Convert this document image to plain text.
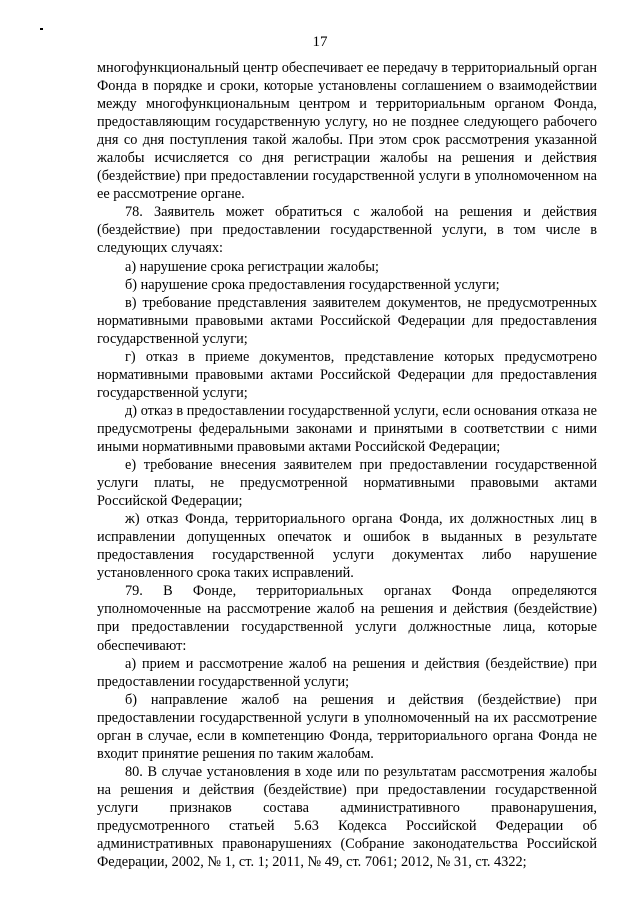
17

многофункциональный центр обеспечивает ее передачу в территориальный орган Фонда в порядке и сроки, которые установлены соглашением о взаимодействии между многофункциональным центром и территориальным органом Фонда, предоставляющим государственную услугу, но не позднее следующего рабочего дня со дня поступления такой жалобы. При этом срок рассмотрения указанной жалобы исчисляется со дня регистрации жалобы на решения и действия (бездействие) при предоставлении государственной услуги в уполномоченном на ее рассмотрение органе.

78. Заявитель может обратиться с жалобой на решения и действия (бездействие) при предоставлении государственной услуги, в том числе в следующих случаях:

а) нарушение срока регистрации жалобы;

б) нарушение срока предоставления государственной услуги;

в) требование представления заявителем документов, не предусмотренных нормативными правовыми актами Российской Федерации для предоставления государственной услуги;

г) отказ в приеме документов, представление которых предусмотрено нормативными правовыми актами Российской Федерации для предоставления государственной услуги;

д) отказ в предоставлении государственной услуги, если основания отказа не предусмотрены федеральными законами и принятыми в соответствии с ними иными нормативными правовыми актами Российской Федерации;

е) требование внесения заявителем при предоставлении государственной услуги платы, не предусмотренной нормативными правовыми актами Российской Федерации;

ж) отказ Фонда, территориального органа Фонда, их должностных лиц в исправлении допущенных опечаток и ошибок в выданных в результате предоставления государственной услуги документах либо нарушение установленного срока таких исправлений.

79. В Фонде, территориальных органах Фонда определяются уполномоченные на рассмотрение жалоб на решения и действия (бездействие) при предоставлении государственной услуги должностные лица, которые обеспечивают:

а) прием и рассмотрение жалоб на решения и действия (бездействие) при предоставлении государственной услуги;

б) направление жалоб на решения и действия (бездействие) при предоставлении государственной услуги в уполномоченный на их рассмотрение орган в случае, если в компетенцию Фонда, территориального органа Фонда не входит принятие решения по таким жалобам.

80. В случае установления в ходе или по результатам рассмотрения жалобы на решения и действия (бездействие) при предоставлении государственной услуги признаков состава административного правонарушения, предусмотренного статьей 5.63 Кодекса Российской Федерации об административных правонарушениях (Собрание законодательства Российской Федерации, 2002, № 1, ст. 1; 2011, № 49, ст. 7061; 2012, № 31, ст. 4322;
